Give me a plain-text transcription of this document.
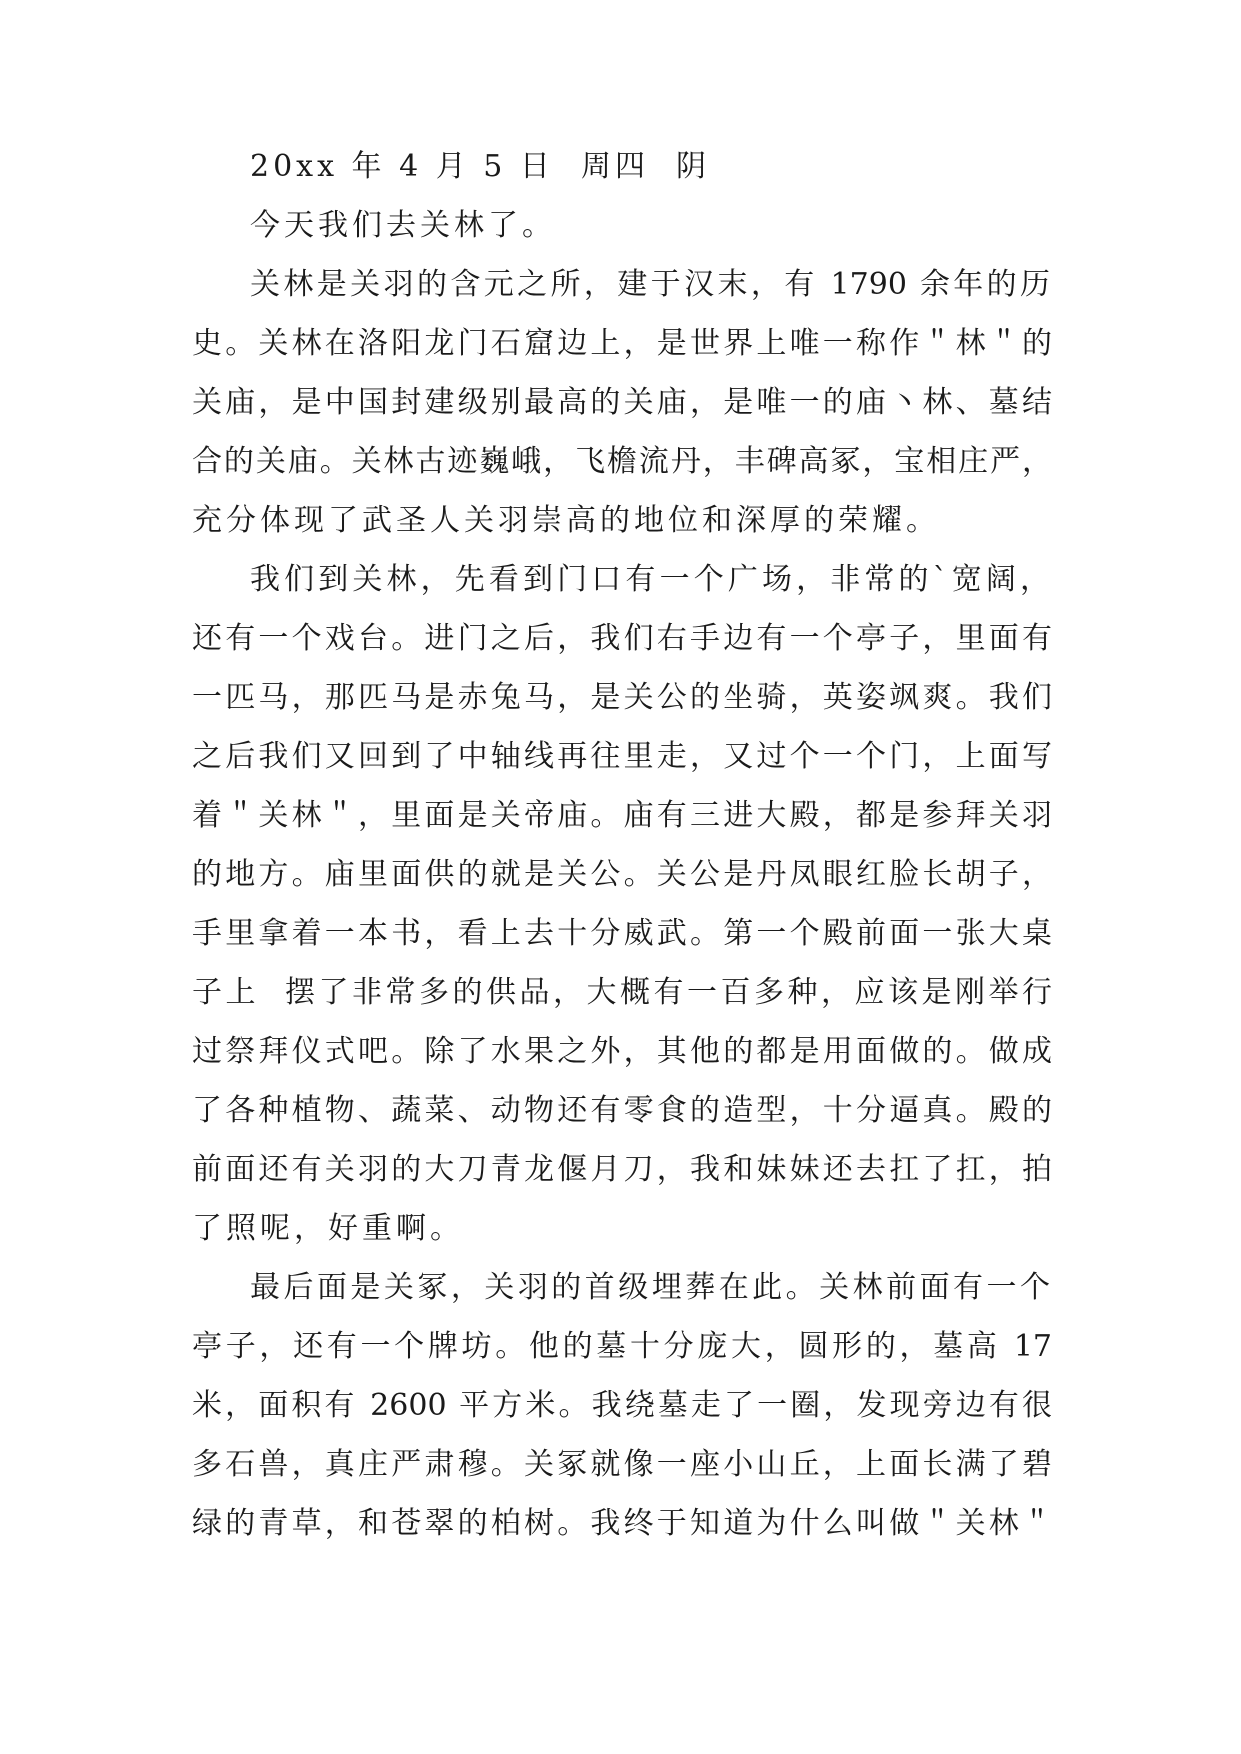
20xx 年 4 月 5 日  周四  阴
今天我们去关林了。
关林是关羽的含元之所，建于汉末，有 1790 余年的历
史。关林在洛阳龙门石窟边上，是世界上唯一称作＂林＂的
关庙，是中国封建级别最高的关庙，是唯一的庙丶林、墓结
合的关庙。关林古迹巍峨，飞檐流丹，丰碑高冢，宝相庄严，
充分体现了武圣人关羽崇高的地位和深厚的荣耀。
我们到关林，先看到门口有一个广场，非常的`宽阔，
还有一个戏台。进门之后，我们右手边有一个亭子，里面有
一匹马，那匹马是赤兔马，是关公的坐骑，英姿飒爽。我们
之后我们又回到了中轴线再往里走，又过个一个门，上面写
着＂关林＂，里面是关帝庙。庙有三进大殿，都是参拜关羽
的地方。庙里面供的就是关公。关公是丹凤眼红脸长胡子，
手里拿着一本书，看上去十分威武。第一个殿前面一张大桌
子上  摆了非常多的供品，大概有一百多种，应该是刚举行
过祭拜仪式吧。除了水果之外，其他的都是用面做的。做成
了各种植物、蔬菜、动物还有零食的造型，十分逼真。殿的
前面还有关羽的大刀青龙偃月刀，我和妹妹还去扛了扛，拍
了照呢，好重啊。
最后面是关冢，关羽的首级埋葬在此。关林前面有一个
亭子，还有一个牌坊。他的墓十分庞大，圆形的，墓高 17
米，面积有 2600 平方米。我绕墓走了一圈，发现旁边有很
多石兽，真庄严肃穆。关冢就像一座小山丘，上面长满了碧
绿的青草，和苍翠的柏树。我终于知道为什么叫做＂关林＂
